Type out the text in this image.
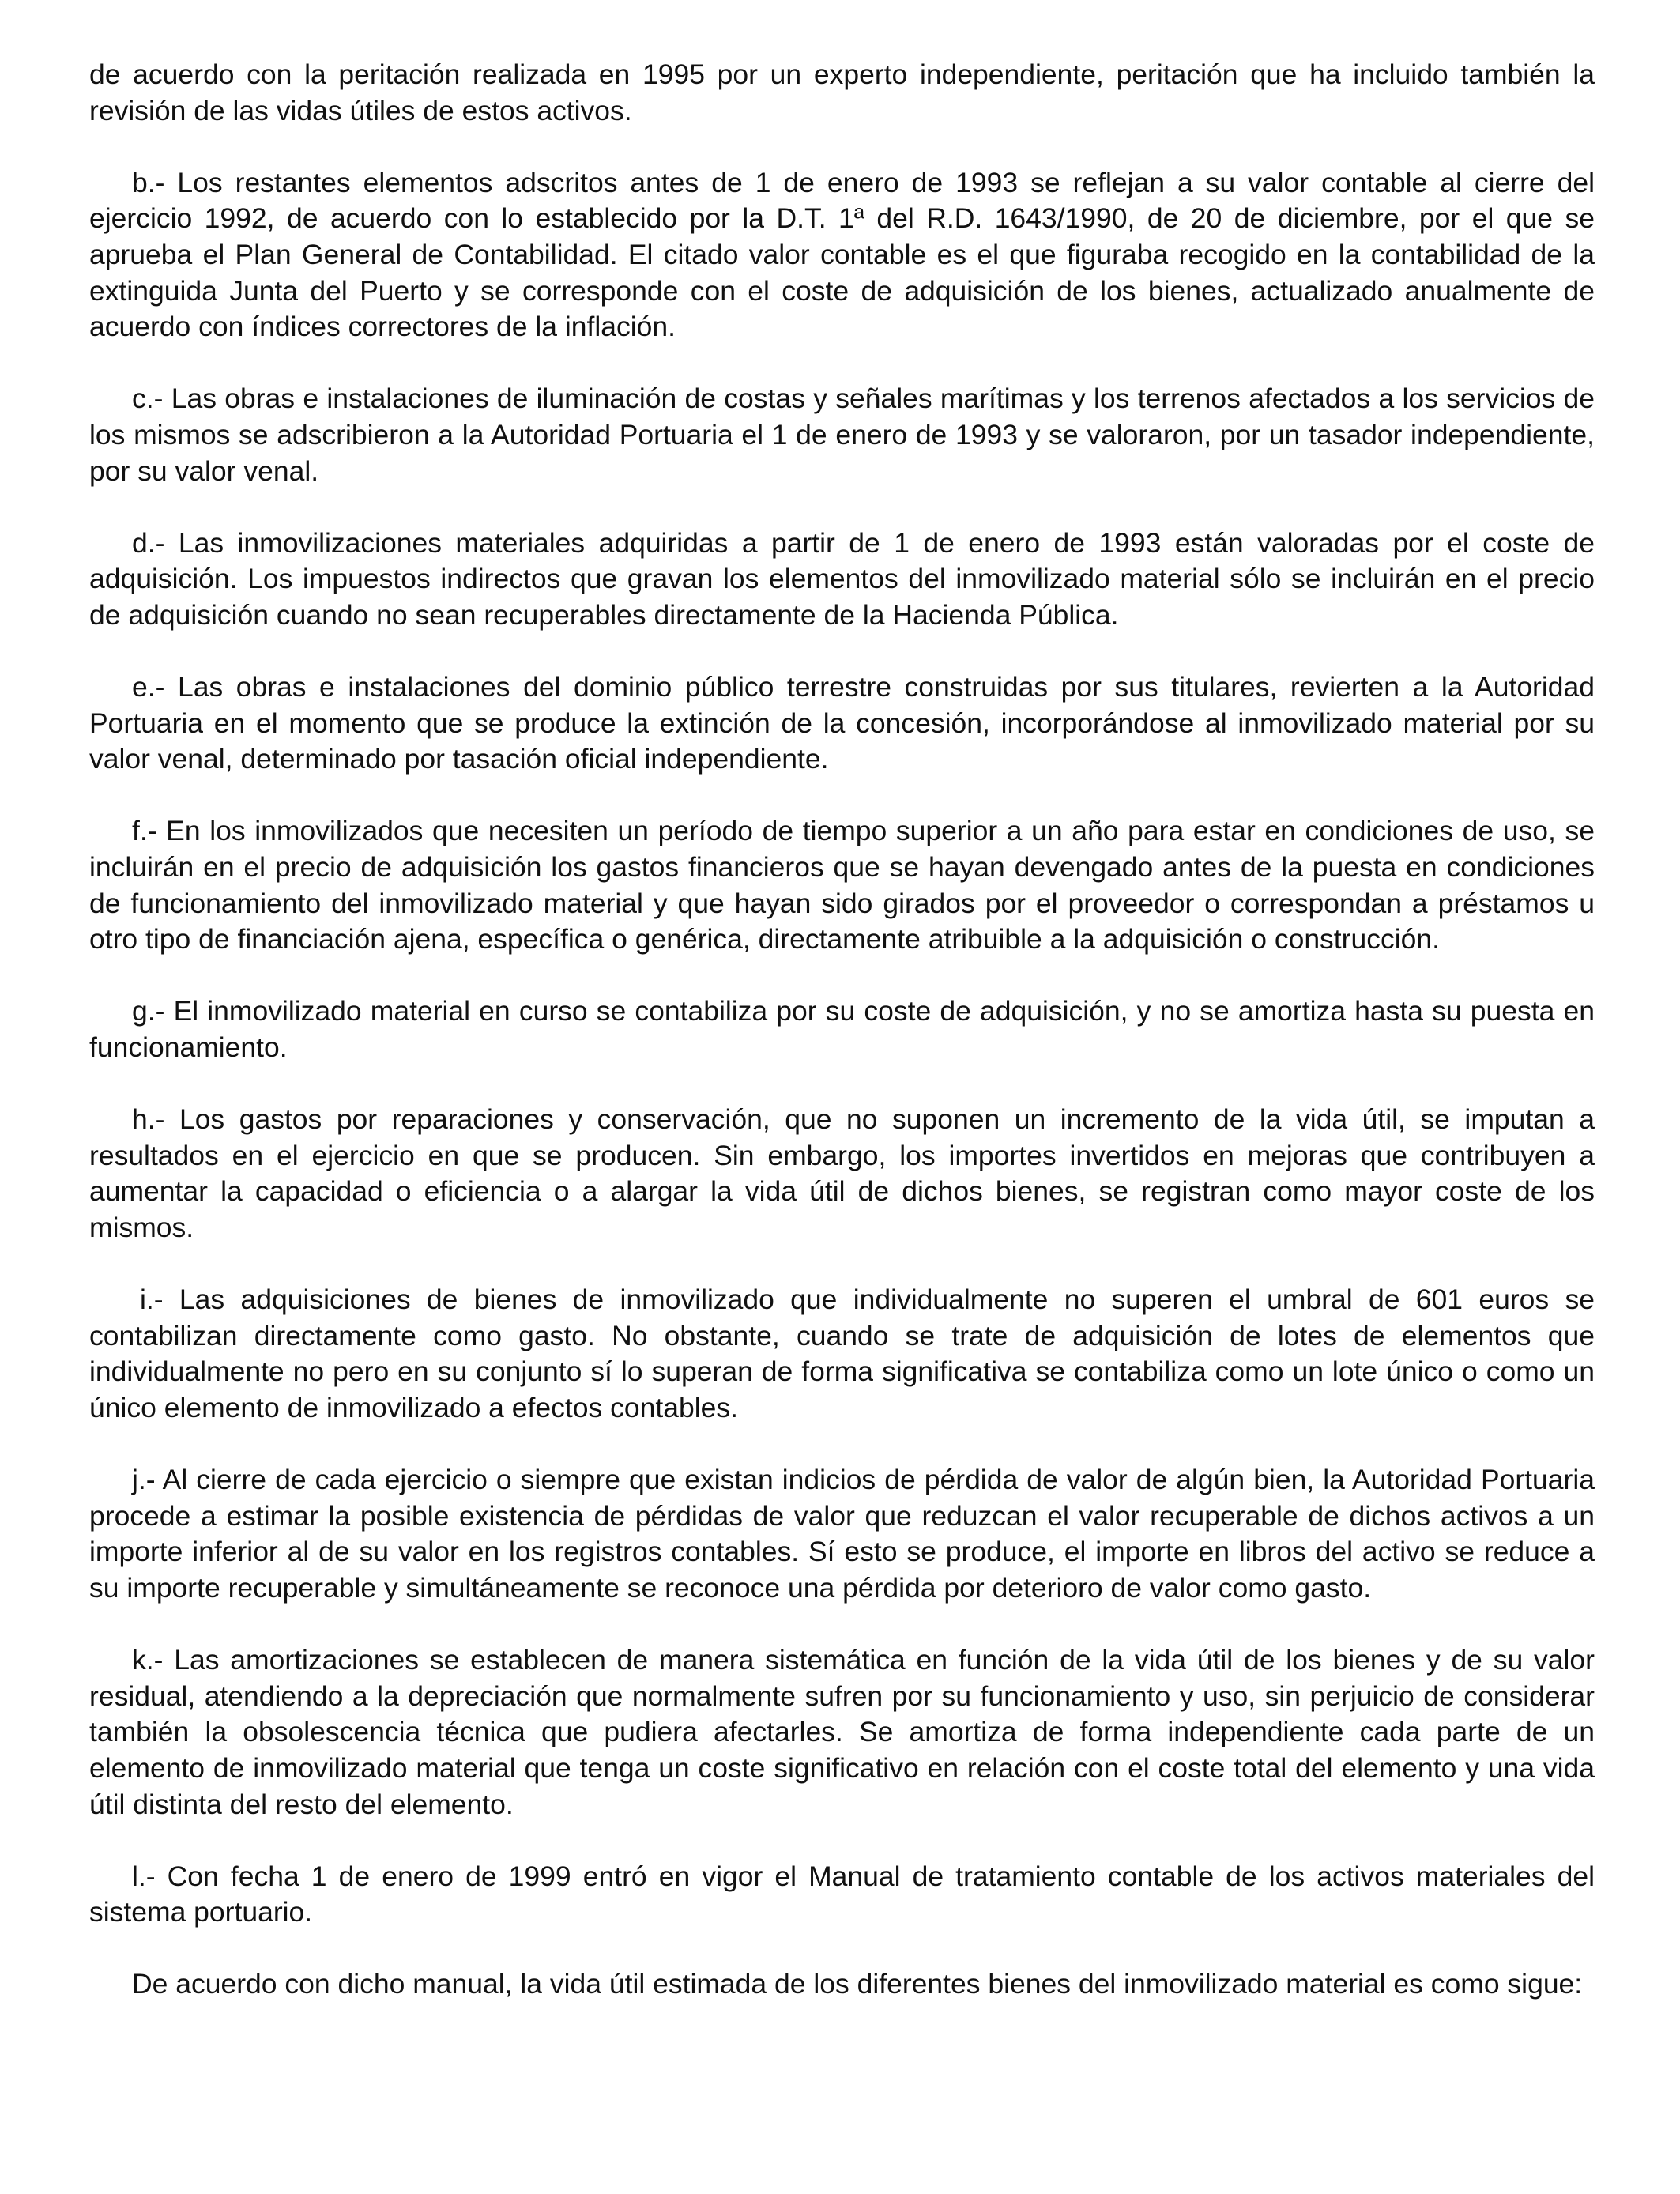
de acuerdo con la peritación realizada en 1995 por un experto independiente, peritación que ha incluido también la revisión de las vidas útiles de estos activos.

b.- Los restantes elementos adscritos antes de 1 de enero de 1993 se reflejan a su valor contable al cierre del ejercicio 1992, de acuerdo con lo establecido por la D.T. 1ª del R.D. 1643/1990, de 20 de diciembre, por el que se aprueba el Plan General de Contabilidad. El citado valor contable es el que figuraba recogido en la contabilidad de la extinguida Junta del Puerto y se corresponde con el coste de adquisición de los bienes, actualizado anualmente de acuerdo con índices correctores de la inflación.

c.- Las obras e instalaciones de iluminación de costas y señales marítimas y los terrenos afectados a los servicios de los mismos se adscribieron a la Autoridad Portuaria el 1 de enero de 1993 y se valoraron, por un tasador independiente, por su valor venal.

d.- Las inmovilizaciones materiales adquiridas a partir de 1 de enero de 1993 están valoradas por el coste de adquisición. Los impuestos indirectos que gravan los elementos del inmovilizado material sólo se incluirán en el precio de adquisición cuando no sean recuperables directamente de la Hacienda Pública.

e.- Las obras e instalaciones del dominio público terrestre construidas por sus titulares, revierten a la Autoridad Portuaria en el momento que se produce la extinción de la concesión, incorporándose al inmovilizado material por su valor venal, determinado por tasación oficial independiente.

f.- En los inmovilizados que necesiten un período de tiempo superior a un año para estar en condiciones de uso, se incluirán en el precio de adquisición los gastos financieros que se hayan devengado antes de la puesta en condiciones de funcionamiento del inmovilizado material y que hayan sido girados por el proveedor o correspondan a préstamos u otro tipo de financiación ajena, específica o genérica, directamente atribuible a la adquisición o construcción.

g.- El inmovilizado material en curso se contabiliza por su coste de adquisición, y no se amortiza hasta su puesta en funcionamiento.

h.- Los gastos por reparaciones y conservación, que no suponen un incremento de la vida útil, se imputan a resultados en el ejercicio en que se producen. Sin embargo, los importes invertidos en mejoras que contribuyen a aumentar la capacidad o eficiencia o a alargar la vida útil de dichos bienes, se registran como mayor coste de los mismos.

i.- Las adquisiciones de bienes de inmovilizado que individualmente no superen el umbral de 601 euros se contabilizan directamente como gasto. No obstante, cuando se trate de adquisición de lotes de elementos que individualmente no pero en su conjunto sí lo superan de forma significativa se contabiliza como un lote único o como un único elemento de inmovilizado a efectos contables.

j.- Al cierre de cada ejercicio o siempre que existan indicios de pérdida de valor de algún bien, la Autoridad Portuaria procede a estimar la posible existencia de pérdidas de valor que reduzcan el valor recuperable de dichos activos a un importe inferior al de su valor en los registros contables. Sí esto se produce, el importe en libros del activo se reduce a su importe recuperable y simultáneamente se reconoce una pérdida por deterioro de valor como gasto.

k.- Las amortizaciones se establecen de manera sistemática en función de la vida útil de los bienes y de su valor residual, atendiendo a la depreciación que normalmente sufren por su funcionamiento y uso, sin perjuicio de considerar también la obsolescencia técnica que pudiera afectarles. Se amortiza de forma independiente cada parte de un elemento de inmovilizado material que tenga un coste significativo en relación con el coste total del elemento y una vida útil distinta del resto del elemento.

l.- Con fecha 1 de enero de 1999 entró en vigor el Manual de tratamiento contable de los activos materiales del sistema portuario.

De acuerdo con dicho manual, la vida útil estimada de los diferentes bienes del inmovilizado material es como sigue:
